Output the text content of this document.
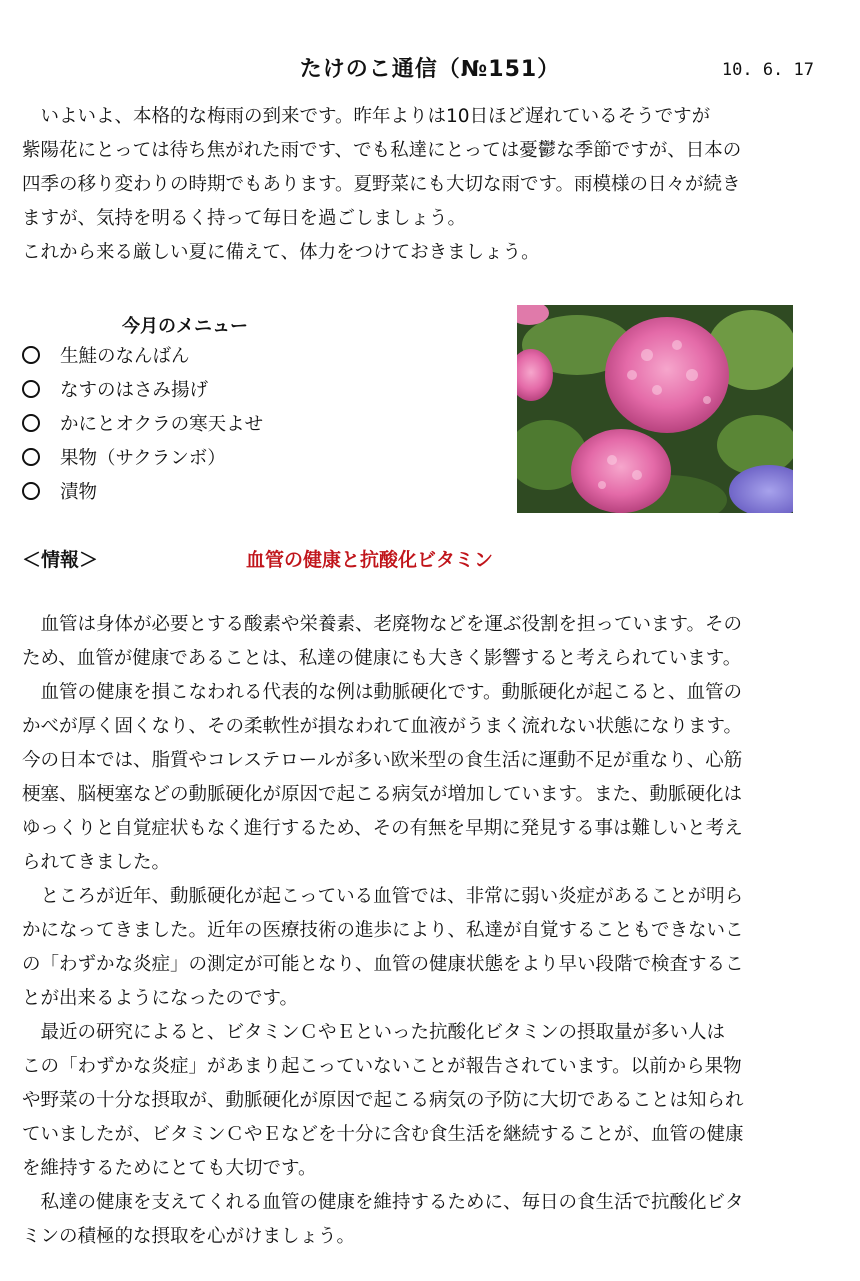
たけのこ通信（№151）	10. 6. 17

　いよいよ、本格的な梅雨の到来です。昨年よりは10日ほど遅れているそうですが
紫陽花にとっては待ち焦がれた雨です、でも私達にとっては憂鬱な季節ですが、日本の
四季の移り変わりの時期でもあります。夏野菜にも大切な雨です。雨模様の日々が続き
ますが、気持を明るく持って毎日を過ごしましょう。
これから来る厳しい夏に備えて、体力をつけておきましょう。

今月のメニュー
生鮭のなんばん
なすのはさみ揚げ
かにとオクラの寒天よせ
果物（サクランボ）
漬物
＜情報＞	血管の健康と抗酸化ビタミン

　血管は身体が必要とする酸素や栄養素、老廃物などを運ぶ役割を担っています。その
ため、血管が健康であることは、私達の健康にも大きく影響すると考えられています。
　血管の健康を損こなわれる代表的な例は動脈硬化です。動脈硬化が起こると、血管の
かべが厚く固くなり、その柔軟性が損なわれて血液がうまく流れない状態になります。
今の日本では、脂質やコレステロールが多い欧米型の食生活に運動不足が重なり、心筋
梗塞、脳梗塞などの動脈硬化が原因で起こる病気が増加しています。また、動脈硬化は
ゆっくりと自覚症状もなく進行するため、その有無を早期に発見する事は難しいと考え
られてきました。
　ところが近年、動脈硬化が起こっている血管では、非常に弱い炎症があることが明ら
かになってきました。近年の医療技術の進歩により、私達が自覚することもできないこ
の「わずかな炎症」の測定が可能となり、血管の健康状態をより早い段階で検査するこ
とが出来るようになったのです。
　最近の研究によると、ビタミンＣやＥといった抗酸化ビタミンの摂取量が多い人は
この「わずかな炎症」があまり起こっていないことが報告されています。以前から果物
や野菜の十分な摂取が、動脈硬化が原因で起こる病気の予防に大切であることは知られ
ていましたが、ビタミンＣやＥなどを十分に含む食生活を継続することが、血管の健康
を維持するためにとても大切です。
　私達の健康を支えてくれる血管の健康を維持するために、毎日の食生活で抗酸化ビタ
ミンの積極的な摂取を心がけましょう。
